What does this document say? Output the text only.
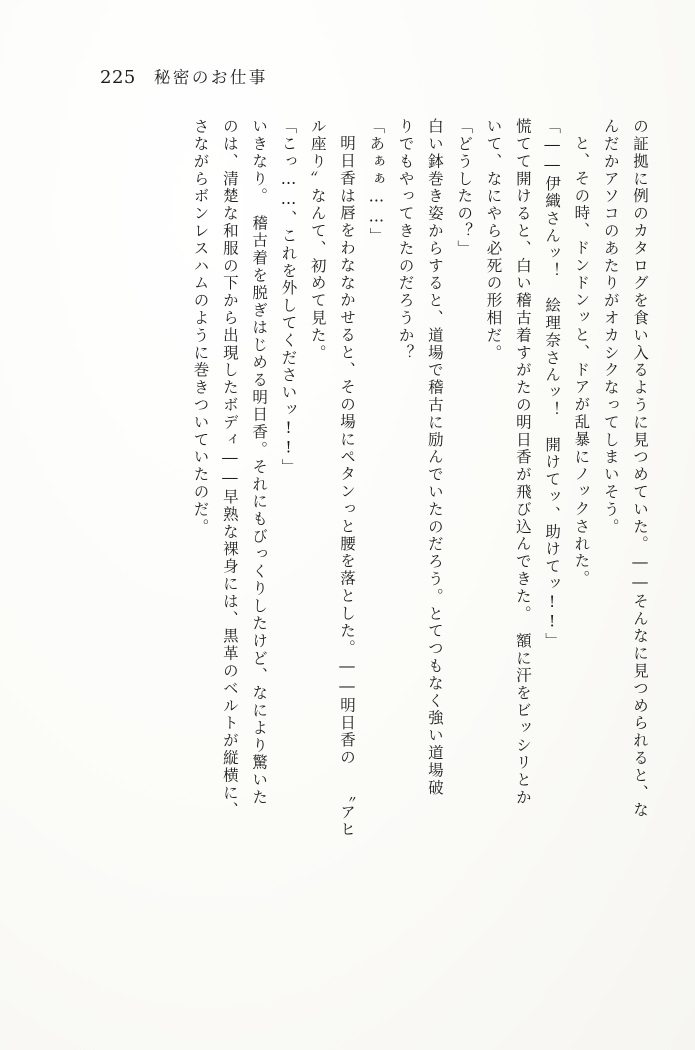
225 秘密のお仕事
の証拠に例のカタログを食い入るように見つめていた。――そんなに見つめられると、な
んだかアソコのあたりがオカシクなってしまいそう。
と、その時、ドンドンッと、ドアが乱暴にノックされた。
「――伊織さんッ！　絵理奈さんッ！　開けてッ、助けてッ!!」
慌てて開けると、白い稽古着すがたの明日香が飛び込んできた。　額に汗をビッシリとか
いて、なにやら必死の形相だ。
「どうしたの？」
白い鉢巻き姿からすると、道場で稽古に励んでいたのだろう。とてつもなく強い道場破
りでもやってきたのだろうか？
「あぁぁ……」
明日香は唇をわななかせると、その場にペタンっと腰を落とした。――明日香の 〝アヒ
ル座り〟なんて、初めて見た。
「こっ……、これを外してくださいッ!!」
いきなり。　稽古着を脱ぎはじめる明日香。それにもびっくりしたけど、なにより驚いた
のは、清楚な和服の下から出現したボディ――早熟な裸身には、黒革のベルトが縦横に、
さながらボンレスハムのように巻きついていたのだ。
